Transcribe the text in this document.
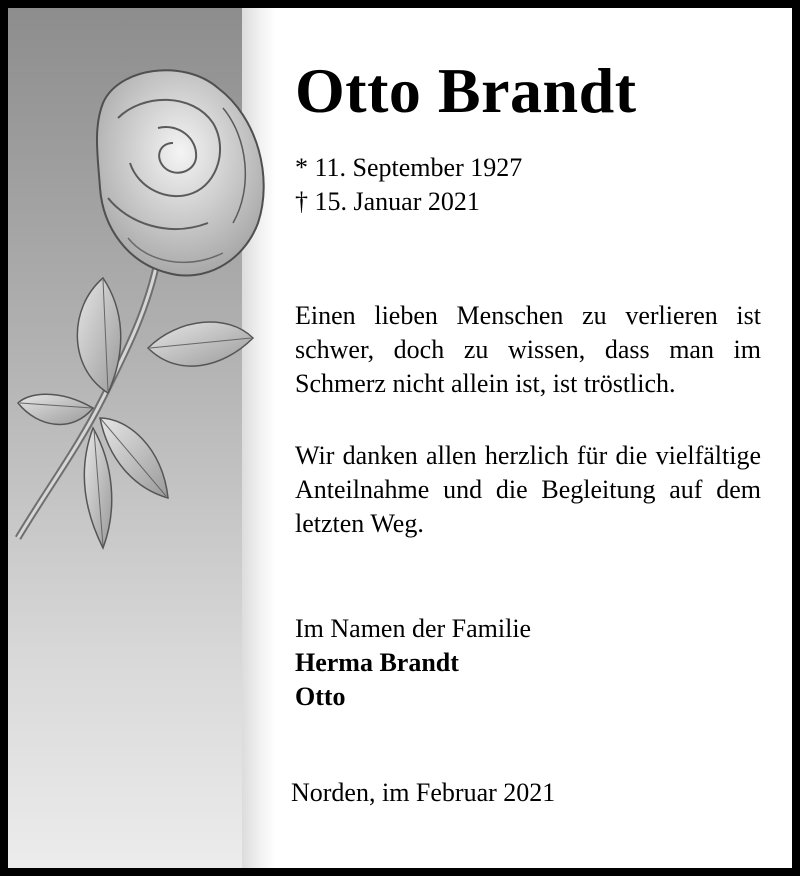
Otto Brandt
* 11. September 1927
† 15. Januar 2021
Einen lieben Menschen zu verlieren ist schwer, doch zu wissen, dass man im Schmerz nicht allein ist, ist tröstlich.
Wir danken allen herzlich für die vielfältige Anteilnahme und die Begleitung auf dem letzten Weg.
Im Namen der Familie
Herma Brandt
Otto
Norden, im Februar 2021
